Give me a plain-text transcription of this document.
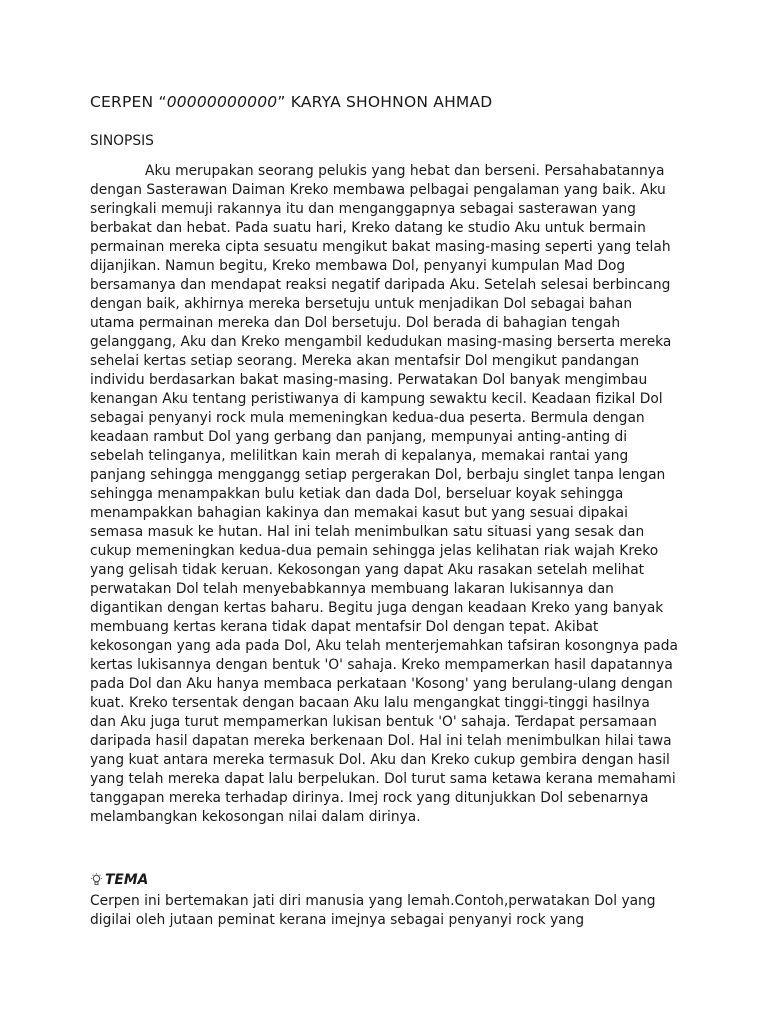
CERPEN “00000000000” KARYA SHOHNON AHMAD
SINOPSIS

Aku merupakan seorang pelukis yang hebat dan berseni. Persahabatannya dengan Sasterawan Daiman Kreko membawa pelbagai pengalaman yang baik. Aku seringkali memuji rakannya itu dan menganggapnya sebagai sasterawan yang berbakat dan hebat. Pada suatu hari, Kreko datang ke studio Aku untuk bermain permainan mereka cipta sesuatu mengikut bakat masing-masing seperti yang telah dijanjikan. Namun begitu, Kreko membawa Dol, penyanyi kumpulan Mad Dog bersamanya dan mendapat reaksi negatif daripada Aku. Setelah selesai berbincang dengan baik, akhirnya mereka bersetuju untuk menjadikan Dol sebagai bahan utama permainan mereka dan Dol bersetuju. Dol berada di bahagian tengah gelanggang, Aku dan Kreko mengambil kedudukan masing-masing berserta mereka sehelai kertas setiap seorang. Mereka akan mentafsir Dol mengikut pandangan individu berdasarkan bakat masing-masing. Perwatakan Dol banyak mengimbau kenangan Aku tentang peristiwanya di kampung sewaktu kecil. Keadaan fizikal Dol sebagai penyanyi rock mula memeningkan kedua-dua peserta. Bermula dengan keadaan rambut Dol yang gerbang dan panjang, mempunyai anting-anting di sebelah telinganya, melilitkan kain merah di kepalanya, memakai rantai yang panjang sehingga menggangg setiap pergerakan Dol, berbaju singlet tanpa lengan sehingga menampakkan bulu ketiak dan dada Dol, berseluar koyak sehingga menampakkan bahagian kakinya dan memakai kasut but yang sesuai dipakai semasa masuk ke hutan. Hal ini telah menimbulkan satu situasi yang sesak dan cukup memeningkan kedua-dua pemain sehingga jelas kelihatan riak wajah Kreko yang gelisah tidak keruan. Kekosongan yang dapat Aku rasakan setelah melihat perwatakan Dol telah menyebabkannya membuang lakaran lukisannya dan digantikan dengan kertas baharu. Begitu juga dengan keadaan Kreko yang banyak membuang kertas kerana tidak dapat mentafsir Dol dengan tepat. Akibat kekosongan yang ada pada Dol, Aku telah menterjemahkan tafsiran kosongnya pada kertas lukisannya dengan bentuk 'O' sahaja. Kreko mempamerkan hasil dapatannya pada Dol dan Aku hanya membaca perkataan 'Kosong' yang berulang-ulang dengan kuat. Kreko tersentak dengan bacaan Aku lalu mengangkat tinggi-tinggi hasilnya dan Aku juga turut mempamerkan lukisan bentuk 'O' sahaja. Terdapat persamaan daripada hasil dapatan mereka berkenaan Dol. Hal ini telah menimbulkan hilai tawa yang kuat antara mereka termasuk Dol. Aku dan Kreko cukup gembira dengan hasil yang telah mereka dapat lalu berpelukan. Dol turut sama ketawa kerana memahami tanggapan mereka terhadap dirinya. Imej rock yang ditunjukkan Dol sebenarnya melambangkan kekosongan nilai dalam dirinya.

TEMA

Cerpen ini bertemakan jati diri manusia yang lemah.Contoh,perwatakan Dol yang digilai oleh jutaan peminat kerana imejnya sebagai penyanyi rock yang
